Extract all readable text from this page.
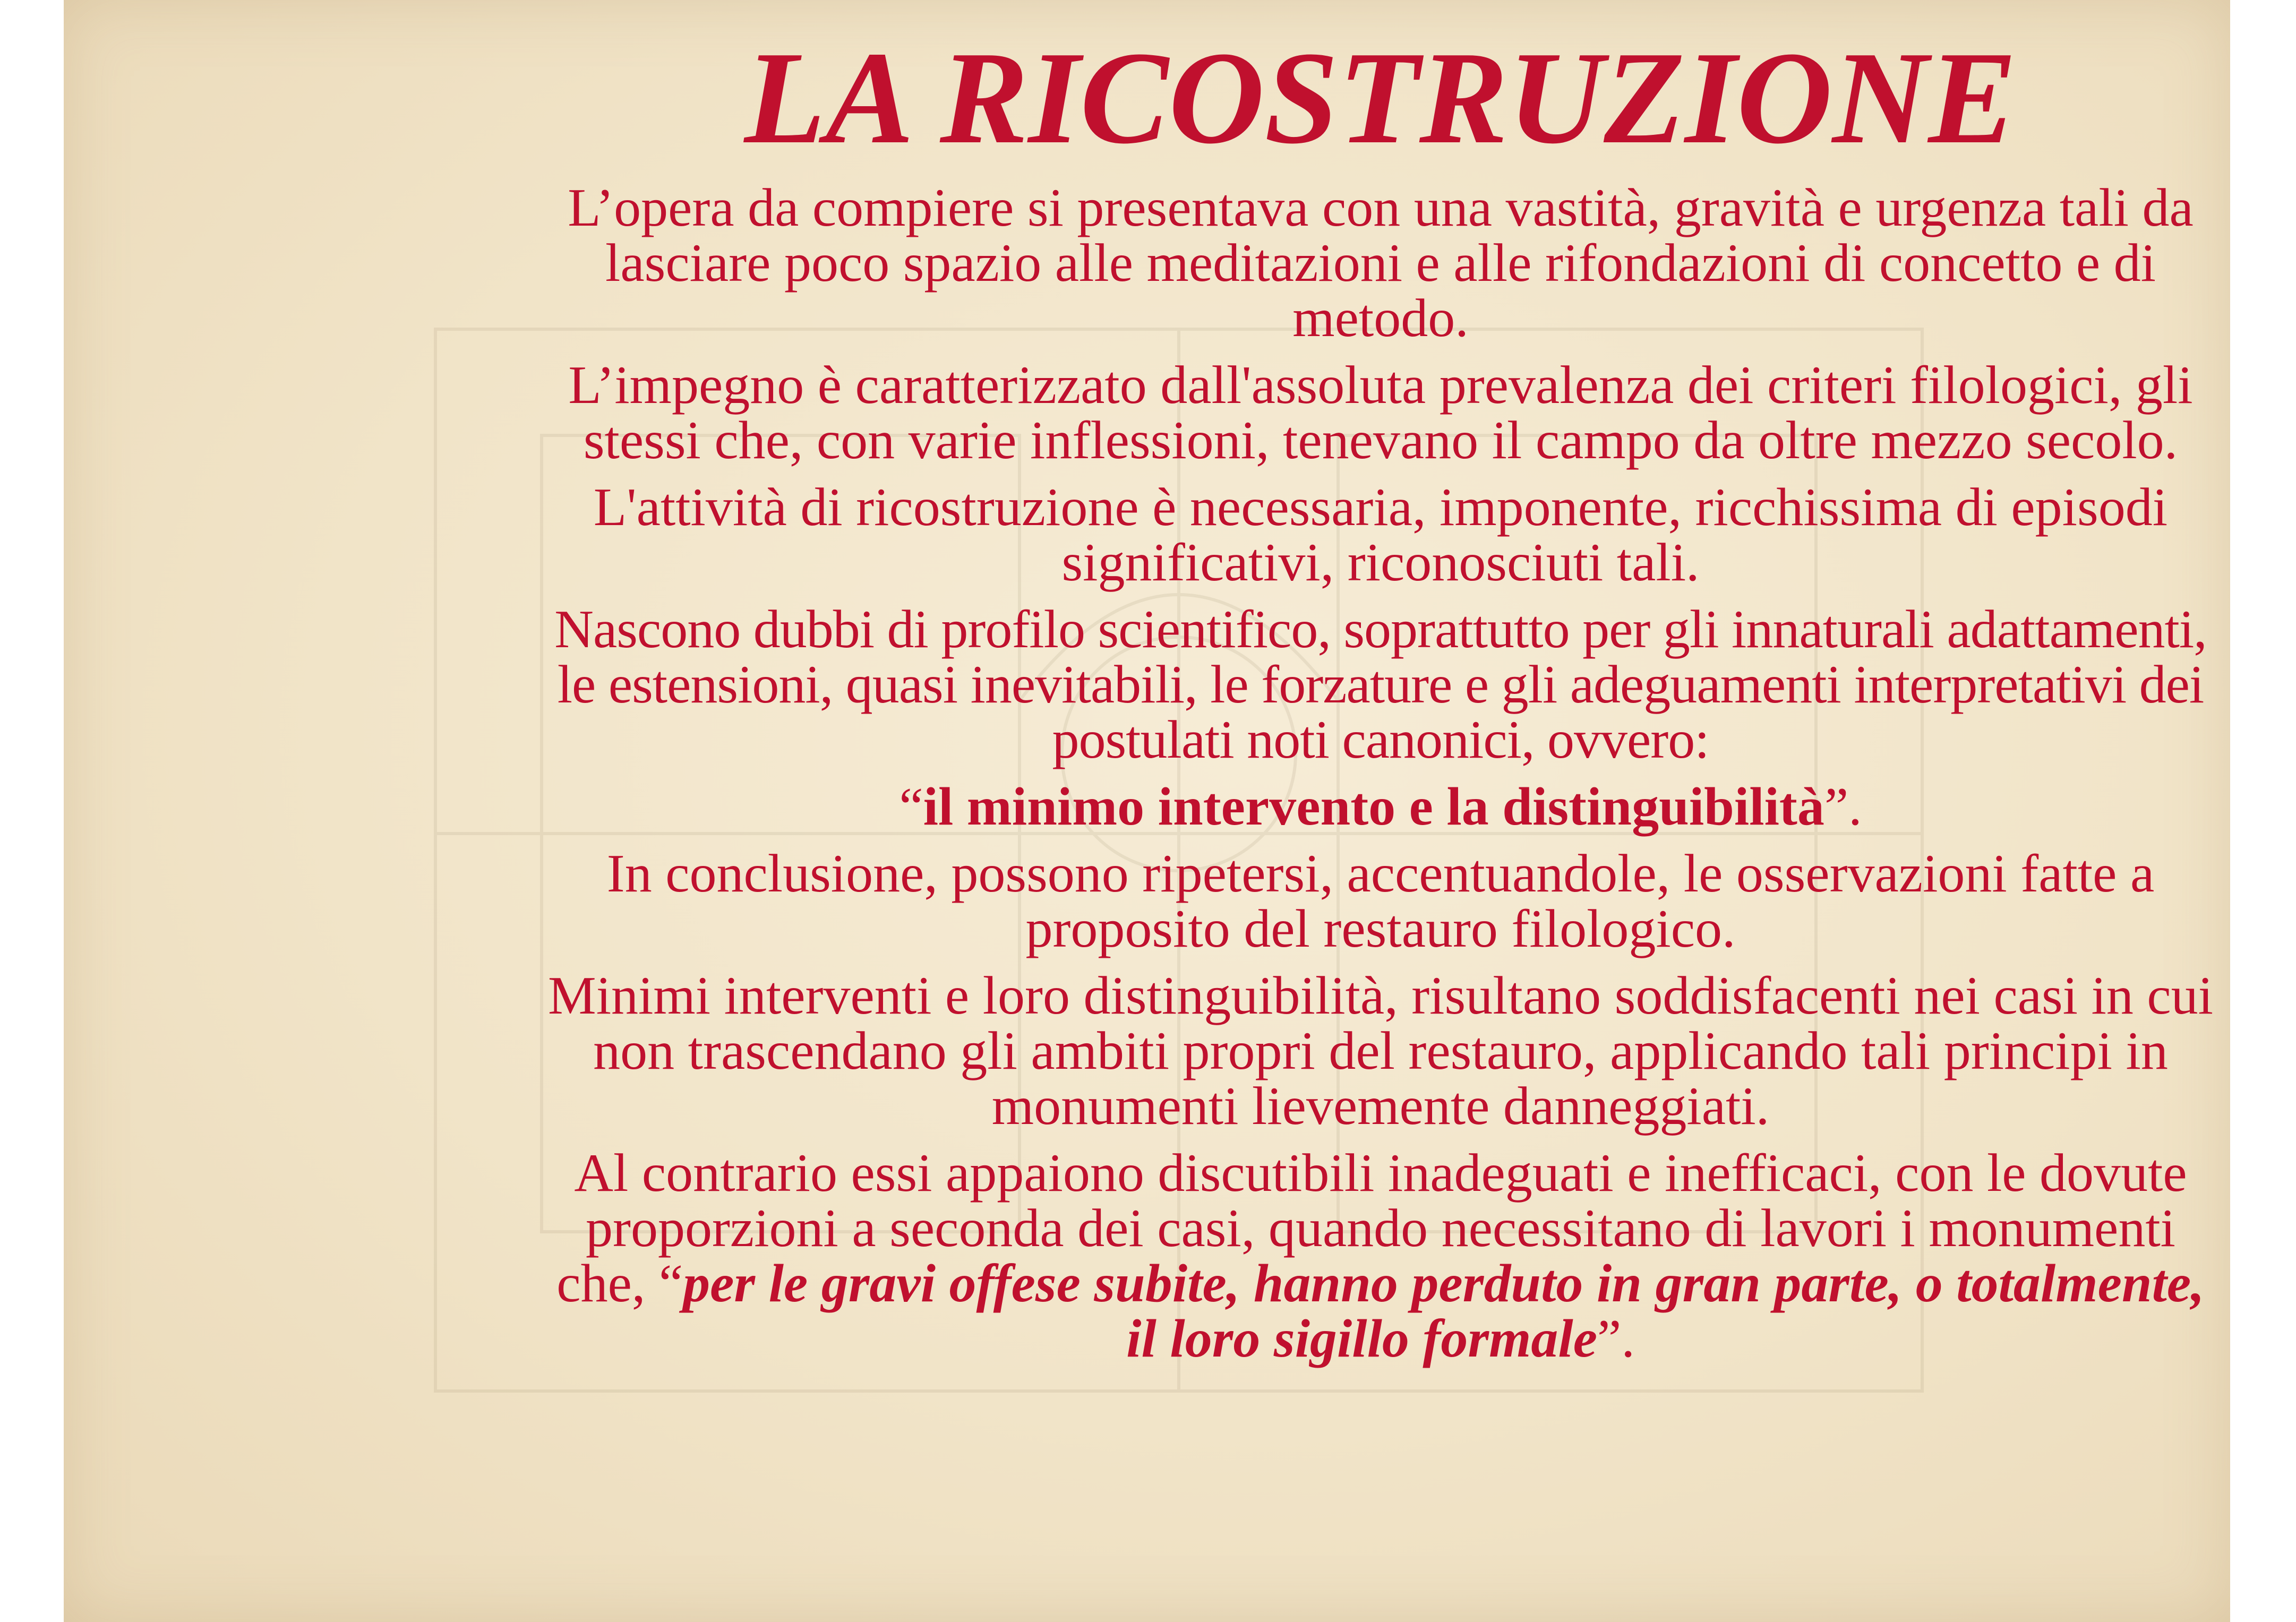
LA RICOSTRUZIONE

L’opera da compiere si presentava con una vastità, gravità e urgenza tali da lasciare poco spazio alle meditazioni e alle rifondazioni di concetto e di metodo.

L’impegno è caratterizzato dall'assoluta prevalenza dei criteri filologici, gli stessi che, con varie inflessioni, tenevano il campo da oltre mezzo secolo.

L'attività di ricostruzione è necessaria, imponente, ricchissima di episodi significativi, riconosciuti tali.

Nascono dubbi di profilo scientifico, soprattutto per gli innaturali adattamenti, le estensioni, quasi inevitabili, le forzature e gli adeguamenti interpretativi dei postulati noti canonici, ovvero:

“il minimo intervento e la distinguibilità”.

In conclusione, possono ripetersi, accentuandole, le osservazioni fatte a proposito del restauro filologico.

Minimi interventi e loro distinguibilità, risultano soddisfacenti nei casi in cui non trascendano gli ambiti propri del restauro, applicando tali principi in monumenti lievemente danneggiati.

Al contrario essi appaiono discutibili inadeguati e inefficaci, con le dovute proporzioni a seconda dei casi, quando necessitano di lavori i monumenti che, “per le gravi offese subite, hanno perduto in gran parte, o totalmente, il loro sigillo formale”.
